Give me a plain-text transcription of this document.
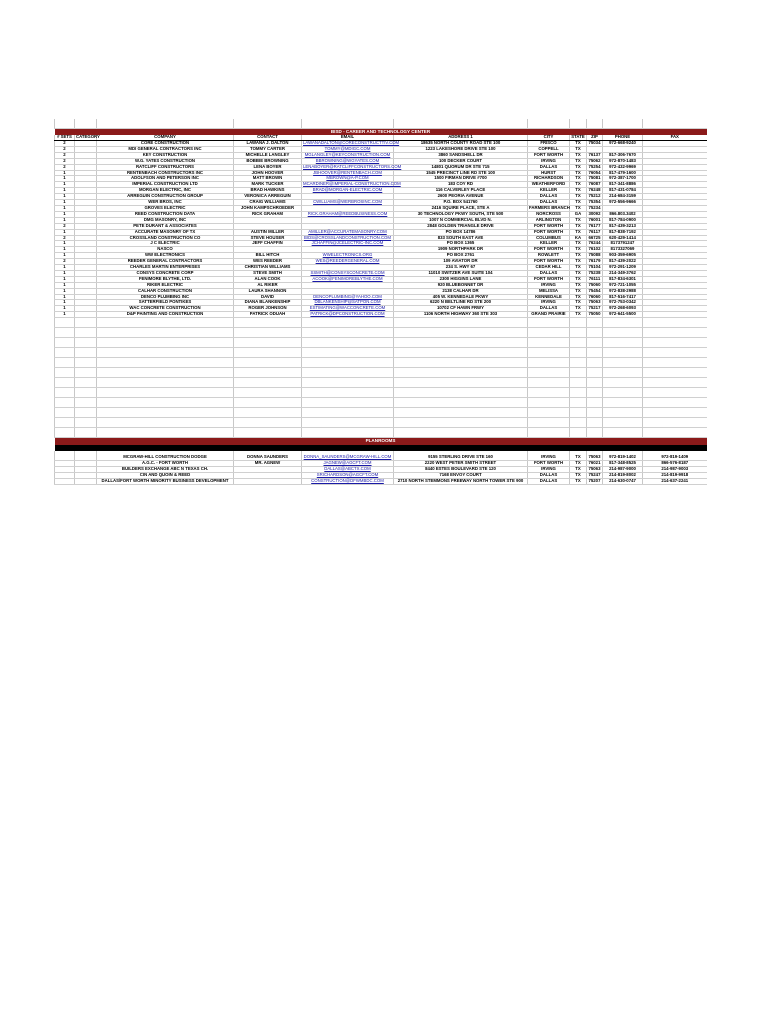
BISD - CAREER AND TECHNOLOGY CENTER										
# SETS	CATEGORY	COMPANY	CONTACT	EMAIL	ADDRESS 1	CITY	STATE	ZIP	PHONE	FAX
2		CORE CONSTRUCTION	LAWANA J. DALTON	LAWANADALTON@CORECONSTRUCTTIV.COM	18635 NORTH COUNTY ROAD STE 100	FRISCO	TX	75034	972-668-9240	
2		MDI GENERAL CONTRACTORS INC	TOMMY CARTER	TOMMY@MDIGC.COM	1223 LAKESHORE DRIVE STE 100	COPPELL	TX			
2		KEY CONSTRUCTION	MICHELLE LANGLEY	MGLANGLEY@KEYCONSTRUCTION.COM	3860 SANDSHELL DR	FORT WORTH	TX	76137	817-306-7670	
2		W.G. YATES CONSTRUCTION	BOBBIE BROWNING	BBROWNING@WGYATES.COM	100 DECKER COURT	IRVING	TX	75062	972-870-1483	
2		RATCLIFF CONSTRUCTORS	LENA BOYER	LENABOYER@RATCLIFFCONSTRUCTORS.COM	14801 QUORUM DR STE 715	DALLAS	TX	75254	972-432-9969	
1		RENTENBACH CONSTRUCTORS INC	JOHN HOOVER	JBHOOVER@RENTENBACH.COM	1545 PRECINCT LINE RD STE 100	HURST	TX	76054	817-479-1600	
1		ADOLFSON AND PETERSON INC	MATT BROWN	MBROWN@A-P.COM	1500 FIRMAN DRIVE #700	RICHARDSON	TX	75081	972-387-1700	
1		IMPERIAL CONSTRUCTION LTD	MARK TUCKER	MCARDINER@IMPERIAL-CONSTRUCTION.COM	183 COY RD	WEATHERFORD	TX	76087	817-341-8886	
1		MORGAN ELECTRIC, INC	BRAD HAWKINS	BRAD@MORGAN-ELECTRIC.COM	116 CALVERLEY PLACE	KELLER	TX	76248	817-431-0784	
1		ARREGUIN CONSTRUCTION GROUP	VERONICA ARREGUIN		2600 PEORIA AVENUE	DALLAS	TX	75212	214-684-3159	
1		WER BROS, INC	CRAIG WILLIAMS	CWILLIAMS@WERBROSINC.COM	P.O. BOX 541760	DALLAS	TX	75354	972-556-9666	
1		GROVES ELECTRIC	JOHN KAMPSCHROEDER		2416 SQUIRE PLACE, STE A	FARMERS BRANCH	TX	75234		
1		REED CONSTRUCTION DATA	RICK GRAHAM	RICK.GRAHAM@REEDBUSINESS.COM	30 TECHNOLOGY PKWY SOUTH, STE 500	NORCROSS	GA	30092	866.803.3402	
1		DMG MASONRY, INC			1007 N COMMERCIAL BLVD N.	ARLINGTON	TX	76001	817-784-0900	
2		PETE DURANT & ASSOCIATES			2848 GOLDEN TRIANGLE DRIVE	FORT WORTH	TX	76177	817-439-3213	
1		ACCURATE MASONRY OF TX	AUSTIN MILLER	AMILLER@ACCURATEMASONRY.COM	PO BOX 14786	FORT WORTH	TX	76117	817-838-7192	
2		CROSSLAND CONSTRUCTION CO	STEVE HOUSER	BIDS@CROSSLANDCONSTRUCTION.COM	833 SOUTH EAST AVE	COLUMBUS	KA	66725	620-429-1414	
1		J C ELECTRIC	JEFF CHAFFIN	JCHAFFIN@JCELECTRIC-INC.COM	PO BOX 1365	KELLER	TX	76244	8173791247	
1		NASCO			1909 NORTHPARK DR	FORT WORTH	TX	76102	8173327069	
1		WW ELECTRONICS	BILL HITCH	WWELECTRONICS.ORG	PO BOX 2761	ROWLETT	TX	75088	903-359-6905	
2		REEDER GENERAL CONTRACTORS	WES REEDER	WES@REEDERGENERAL.COM	109 AVIATOR DR	FORT WORTH	TX	76179	817-439-2022	
1		CHARLES MARTIN ENTERPRISES	CHRISTIAN WILLIAMS		234 S. HWY 67	CEDAR HILL	TX	75104	972-291-1209	
1		CONSYS CONCRETE CORP	STEVE SMITH	SSMITH@CONSYSCONCRETE.COM	11010 SWITZER AVE SUITE 104	DALLAS	TX	75238	214-349-3762	
1		FENIMORE BLYTHE, LTD.	ALAN COOK	ACOOK@FENIMOREBLYTHE.COM	2300 HIGGINS LANE	FORT WORTH	TX	76111	817-834-6301	
1		RIKER ELECTRIC	AL RIKER		920 BLUEBONNET DR	IRVING	TX	75060	972-721-1055	
1		CALHAR CONSTRUCTION	LAURA SHANNON		2138 CALHAR DR	MELISSA	TX	75454	972-838-2988	
1		DENCO PLUMBING INC	DAVID	DENCOPLUMBING@YAHOO.COM	405 W. KENNEDALE PKWY	KENNEDALE	TX	76060	817-516-7417	
1		SATTERFIELD PONTIKES	DIANA BLANKENSHIP	DBLANKENSHIP@SATPON.COM	6220 N BELTLINE RD STE 200	IRVING	TX	75063	972-753-0342	
1		WAC CONCRETE CONSTRUCTION	ROGER JOHNSON	ESTIMATING@WACCONCRETE.COM	10702 CF HAWN FRWY	DALLAS	TX	75217	972-268-6093	
1		D&P PAINTING AND CONSTRUCTION	PATRICK ODUAH	PATRICK@DPCONSTRUCTION.COM	1106 NORTH HIGHWAY 360 STE 303	GRAND PRAIRIE	TX	75050	972-641-5500	

PLANROOMS										

		MCGRAW-HILL CONSTRUCTION DODGE	DONNA SAUNDERS	DONNA_SAUNDERS@MCGRAW-HILL.COM	9155 STERLING DRIVE STE 160	IRVING	TX	75063	972-819-1402	972-819-1409
		A.G.C. - FORT WORTH	MR. AGNEW	JAGNEW@AGCFT.COM	2220 WEST PETER SMITH STREET	FORT WORTH	TX	76021	817-348-8525	866-576-8187
		BUILDERS EXCHANGE ABC N TEXAS CH.		DALLAS@ABCTX.COM	8440 ESTES BOULEVARD STE 120	IRVING	TX	75063	214-987-9000	214-987-9003
		CIN AND QUOIN & REED		SRICHARDSON@AGCFT.COM	7168 ENVOY COURT	DALLAS	TX	75247	214-819-8002	214-819-9918
		DALLAS/FORT WORTH MINORITY BUSINESS DEVELOPMENT		CONSTRUCTION@DFWMBDC.COM	2710 NORTH STEMMONS FREEWAY NORTH TOWER STE 900	DALLAS	TX	75207	214-630-0747	214-637-2241
